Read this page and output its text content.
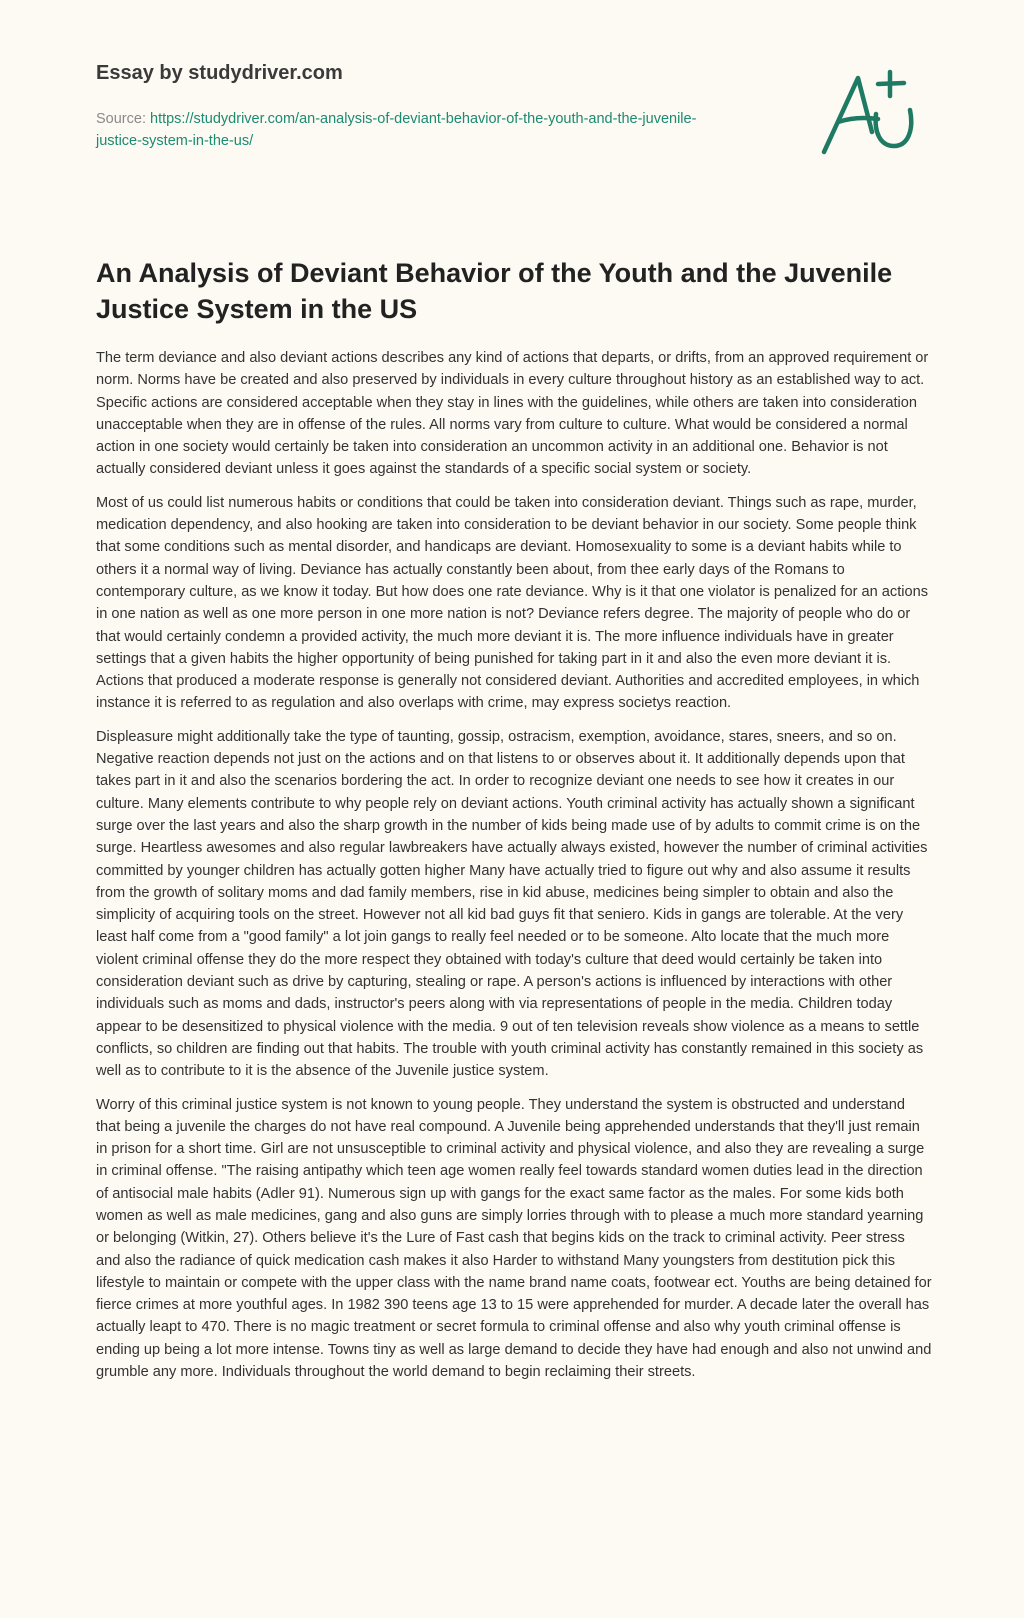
Essay by studydriver.com
Source: https://studydriver.com/an-analysis-of-deviant-behavior-of-the-youth-and-the-juvenile-justice-system-in-the-us/
An Analysis of Deviant Behavior of the Youth and the Juvenile Justice System in the US

The term deviance and also deviant actions describes any kind of actions that departs, or drifts, from an approved requirement or norm. Norms have be created and also preserved by individuals in every culture throughout history as an established way to act. Specific actions are considered acceptable when they stay in lines with the guidelines, while others are taken into consideration unacceptable when they are in offense of the rules. All norms vary from culture to culture. What would be considered a normal action in one society would certainly be taken into consideration an uncommon activity in an additional one. Behavior is not actually considered deviant unless it goes against the standards of a specific social system or society.

Most of us could list numerous habits or conditions that could be taken into consideration deviant. Things such as rape, murder, medication dependency, and also hooking are taken into consideration to be deviant behavior in our society. Some people think that some conditions such as mental disorder, and handicaps are deviant. Homosexuality to some is a deviant habits while to others it a normal way of living. Deviance has actually constantly been about, from thee early days of the Romans to contemporary culture, as we know it today. But how does one rate deviance. Why is it that one violator is penalized for an actions in one nation as well as one more person in one more nation is not? Deviance refers degree. The majority of people who do or that would certainly condemn a provided activity, the much more deviant it is. The more influence individuals have in greater settings that a given habits the higher opportunity of being punished for taking part in it and also the even more deviant it is. Actions that produced a moderate response is generally not considered deviant. Authorities and accredited employees, in which instance it is referred to as regulation and also overlaps with crime, may express societys reaction.

Displeasure might additionally take the type of taunting, gossip, ostracism, exemption, avoidance, stares, sneers, and so on. Negative reaction depends not just on the actions and on that listens to or observes about it. It additionally depends upon that takes part in it and also the scenarios bordering the act. In order to recognize deviant one needs to see how it creates in our culture. Many elements contribute to why people rely on deviant actions. Youth criminal activity has actually shown a significant surge over the last years and also the sharp growth in the number of kids being made use of by adults to commit crime is on the surge. Heartless awesomes and also regular lawbreakers have actually always existed, however the number of criminal activities committed by younger children has actually gotten higher Many have actually tried to figure out why and also assume it results from the growth of solitary moms and dad family members, rise in kid abuse, medicines being simpler to obtain and also the simplicity of acquiring tools on the street. However not all kid bad guys fit that seniero. Kids in gangs are tolerable. At the very least half come from a "good family" a lot join gangs to really feel needed or to be someone. Alto locate that the much more violent criminal offense they do the more respect they obtained with today's culture that deed would certainly be taken into consideration deviant such as drive by capturing, stealing or rape. A person's actions is influenced by interactions with other individuals such as moms and dads, instructor's peers along with via representations of people in the media. Children today appear to be desensitized to physical violence with the media. 9 out of ten television reveals show violence as a means to settle conflicts, so children are finding out that habits. The trouble with youth criminal activity has constantly remained in this society as well as to contribute to it is the absence of the Juvenile justice system.

Worry of this criminal justice system is not known to young people. They understand the system is obstructed and understand that being a juvenile the charges do not have real compound. A Juvenile being apprehended understands that they'll just remain in prison for a short time. Girl are not unsusceptible to criminal activity and physical violence, and also they are revealing a surge in criminal offense. "The raising antipathy which teen age women really feel towards standard women duties lead in the direction of antisocial male habits (Adler 91). Numerous sign up with gangs for the exact same factor as the males. For some kids both women as well as male medicines, gang and also guns are simply lorries through with to please a much more standard yearning or belonging (Witkin, 27). Others believe it's the Lure of Fast cash that begins kids on the track to criminal activity. Peer stress and also the radiance of quick medication cash makes it also Harder to withstand Many youngsters from destitution pick this lifestyle to maintain or compete with the upper class with the name brand name coats, footwear ect. Youths are being detained for fierce crimes at more youthful ages. In 1982 390 teens age 13 to 15 were apprehended for murder. A decade later the overall has actually leapt to 470. There is no magic treatment or secret formula to criminal offense and also why youth criminal offense is ending up being a lot more intense. Towns tiny as well as large demand to decide they have had enough and also not unwind and grumble any more. Individuals throughout the world demand to begin reclaiming their streets.
